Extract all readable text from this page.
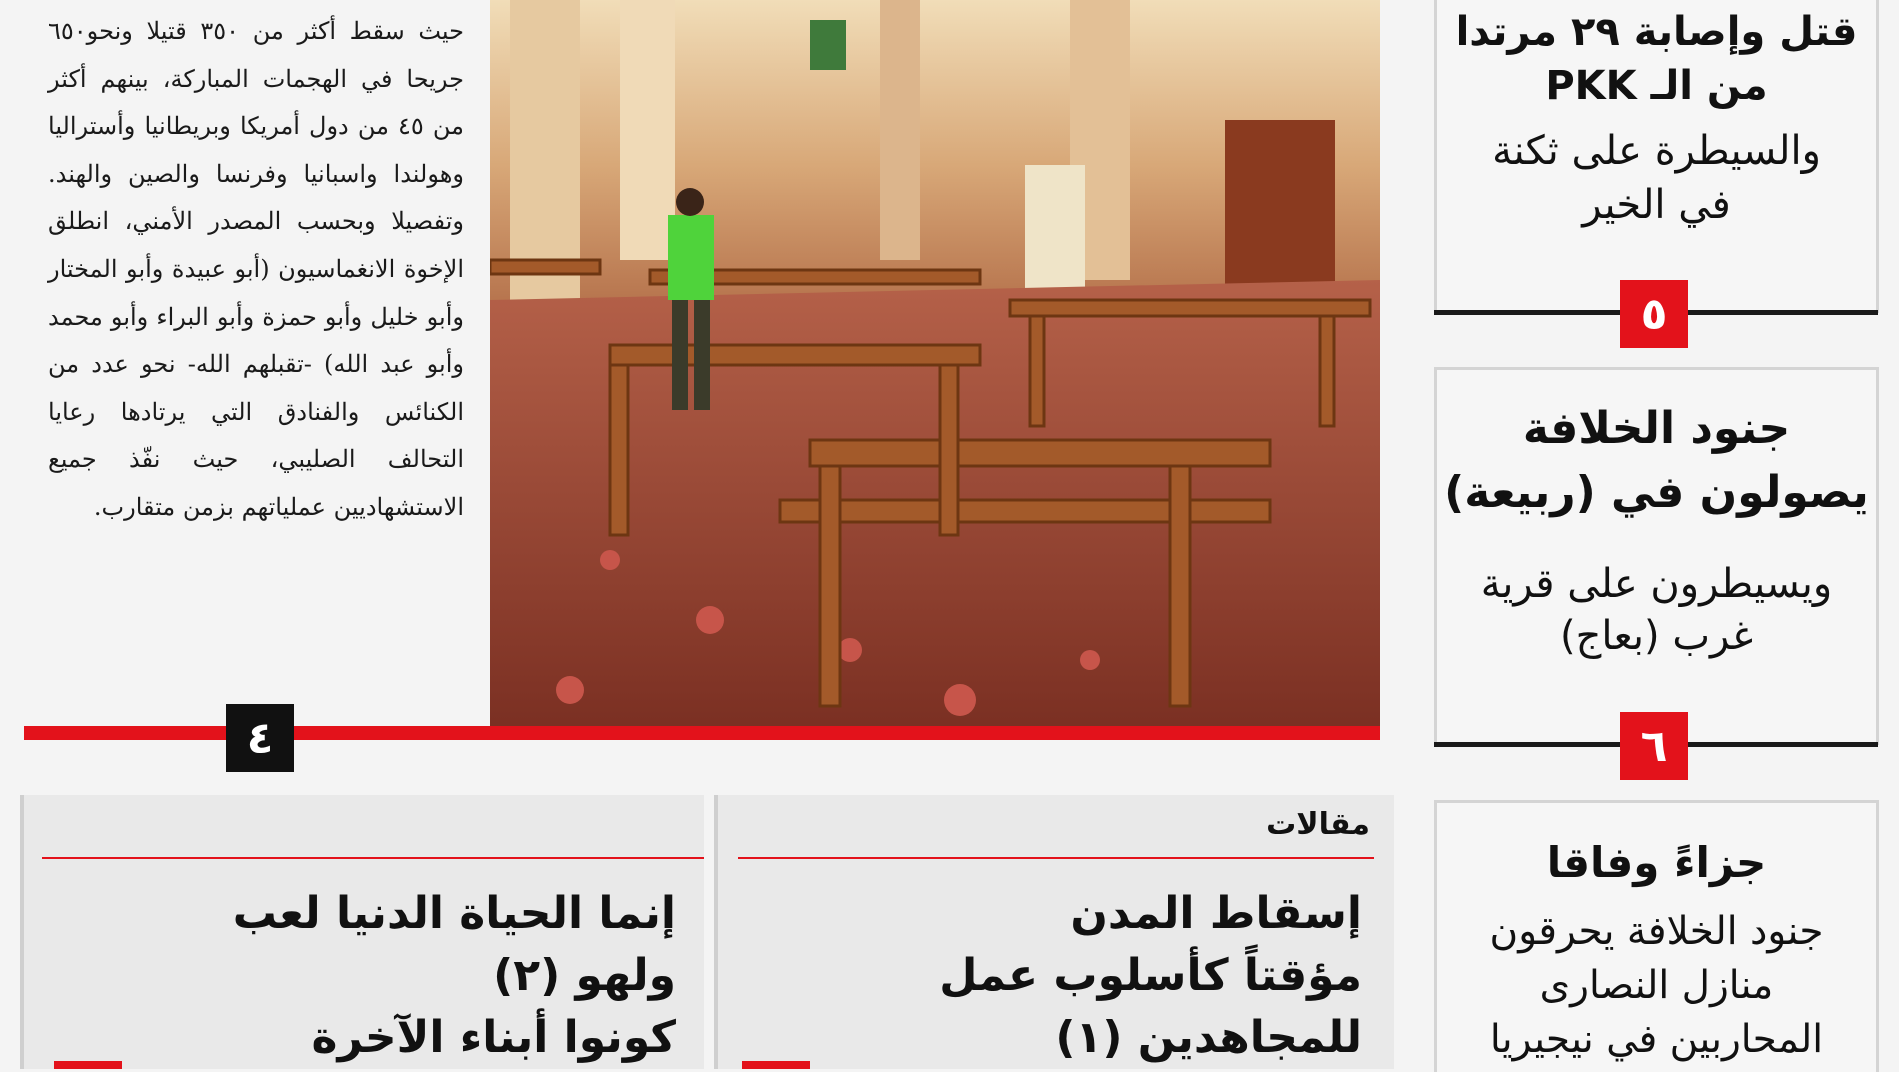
حيث سقط أكثر من ٣٥٠ قتيلا ونحو٦٥٠ جريحا في الهجمات المباركة، بينهم أكثر من ٤٥ من دول أمريكا وبريطانيا وأستراليا وهولندا واسبانيا وفرنسا والصين والهند. وتفصيلا وبحسب المصدر الأمني، انطلق الإخوة الانغماسيون (أبو عبيدة وأبو المختار وأبو خليل وأبو حمزة وأبو البراء وأبو محمد وأبو عبد الله) -تقبلهم الله- نحو عدد من الكنائس والفنادق التي يرتادها رعايا التحالف الصليبي، حيث نفّذ جميع الاستشهاديين عملياتهم بزمن متقارب.
٤
قتل وإصابة ٢٩ مرتدا
من الـ PKK
والسيطرة على ثكنة
في الخير
٥
جنود الخلافة
يصولون في (ربيعة)
ويسيطرون على قرية
غرب (بعاج)
٦
جزاءً وفاقا
جنود الخلافة يحرقون
منازل النصارى
المحاربين في نيجيريا
مقالات
إسقاط المدن
مؤقتاً كأسلوب عمل
للمجاهدين (١)
إنما الحياة الدنيا لعب
ولهو (٢)
كونوا أبناء الآخرة
